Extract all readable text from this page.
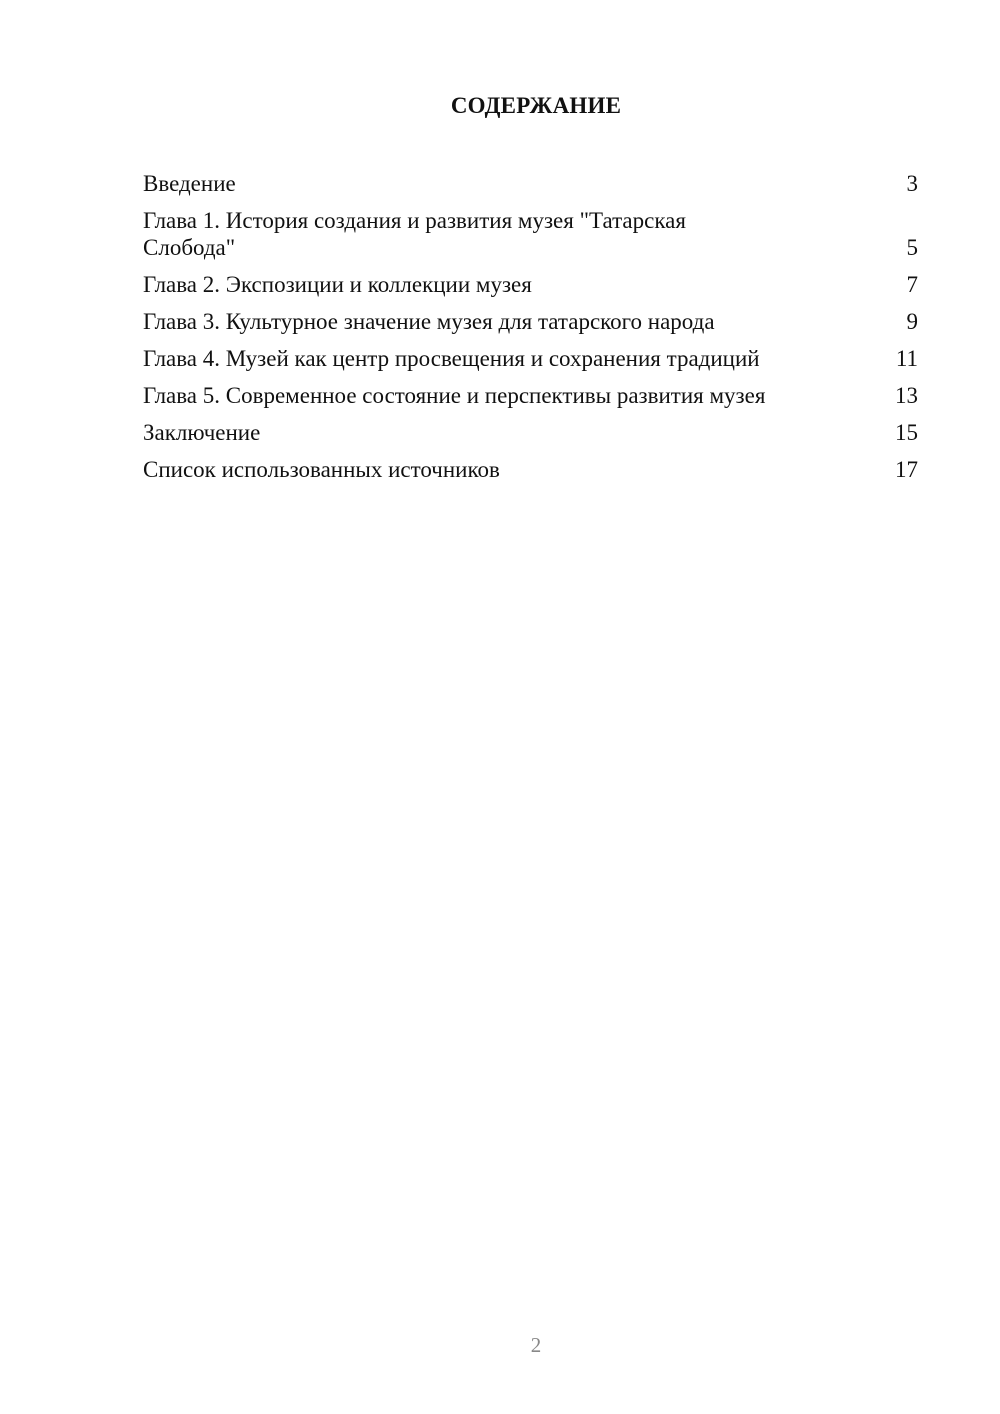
СОДЕРЖАНИЕ
Введение	3
Глава 1. История создания и развития музея "Татарская Слобода"	5
Глава 2. Экспозиции и коллекции музея	7
Глава 3. Культурное значение музея для татарского народа	9
Глава 4. Музей как центр просвещения и сохранения традиций	11
Глава 5. Современное состояние и перспективы развития музея	13
Заключение	15
Список использованных источников	17
2
